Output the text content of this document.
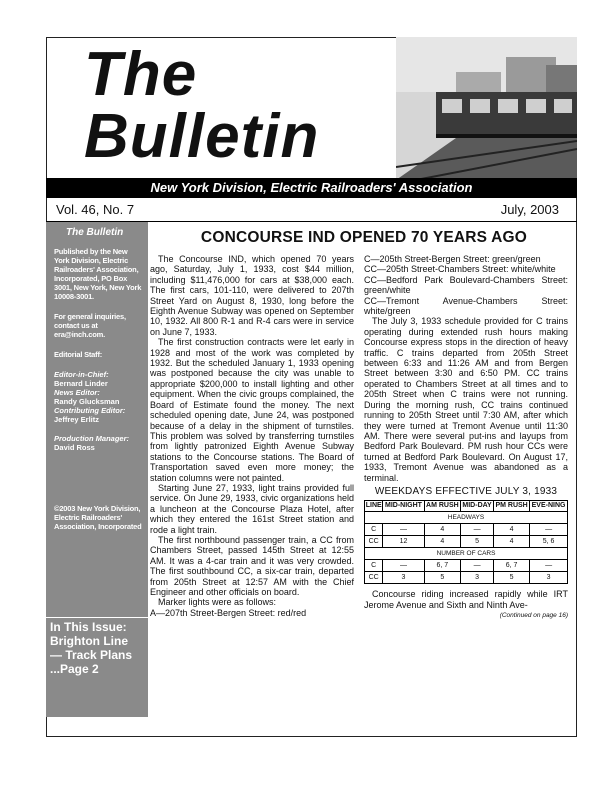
The
Bulletin
New York Division, Electric Railroaders' Association
Vol. 46, No. 7	July, 2003
The Bulletin

Published by the New York Division, Electric Railroaders' Association, Incorporated, PO Box 3001, New York, New York 10008-3001.

For general inquiries, contact us at era@inch.com.

Editorial Staff:

Editor-in-Chief:
Bernard Linder
News Editor:
Randy Glucksman
Contributing Editor:
Jeffrey Erlitz
Production Manager:
David Ross

©2003 New York Division, Electric Railroaders' Association, Incorporated

In This Issue:
Brighton Line — Track Plans ...Page 2
CONCOURSE IND OPENED 70 YEARS AGO

The Concourse IND, which opened 70 years ago, Saturday, July 1, 1933, cost $44 million, including $11,476,000 for cars at $38,000 each. The first cars, 101-110, were delivered to 207th Street Yard on August 8, 1930, long before the Eighth Avenue Subway was opened on September 10, 1932. All 800 R-1 and R-4 cars were in service on June 7, 1933.

The first construction contracts were let early in 1928 and most of the work was completed by 1932. But the scheduled January 1, 1933 opening was postponed because the city was unable to appropriate $200,000 to install lighting and other equipment. When the civic groups complained, the Board of Estimate found the money. The next scheduled opening date, June 24, was postponed because of a delay in the shipment of turnstiles. This problem was solved by transferring turnstiles from lightly patronized Eighth Avenue Subway stations to the Concourse stations. The Board of Transportation saved even more money; the station columns were not painted.

Starting June 27, 1933, light trains provided full service. On June 29, 1933, civic organizations held a luncheon at the Concourse Plaza Hotel, after which they entered the 161st Street station and rode a light train.

The first northbound passenger train, a CC from Chambers Street, passed 145th Street at 12:55 AM. It was a 4-car train and it was very crowded. The first southbound CC, a six-car train, departed from 205th Street at 12:57 AM with the Chief Engineer and other officials on board.

Marker lights were as follows:

A—207th Street-Bergen Street: red/red

C—205th Street-Bergen Street: green/green

CC—205th Street-Chambers Street: white/white

CC—Bedford Park Boulevard-Chambers Street: green/white

CC—Tremont Avenue-Chambers Street: white/green

The July 3, 1933 schedule provided for C trains operating during extended rush hours making Concourse express stops in the direction of heavy traffic. C trains departed from 205th Street between 6:33 and 11:26 AM and from Bergen Street between 3:30 and 6:50 PM. CC trains operated to Chambers Street at all times and to 205th Street when C trains were not running. During the morning rush, CC trains continued running to 205th Street until 7:30 AM, after which they were turned at Tremont Avenue until 11:30 AM. There were several put-ins and layups from Bedford Park Boulevard. PM rush hour CCs were turned at Bedford Park Boulevard. On August 17, 1933, Tremont Avenue was abandoned as a terminal.

WEEKDAYS EFFECTIVE JULY 3, 1933
LINE	MID-NIGHT	AM RUSH	MID-DAY	PM RUSH	EVE-NING
HEADWAYS					
C	—	4	—	4	—
CC	12	4	5	4	5, 6
NUMBER OF CARS					
C	—	6, 7	—	6, 7	—
CC	3	5	3	5	3

Concourse riding increased rapidly while IRT Jerome Avenue and Sixth and Ninth Ave-

(Continued on page 16)
